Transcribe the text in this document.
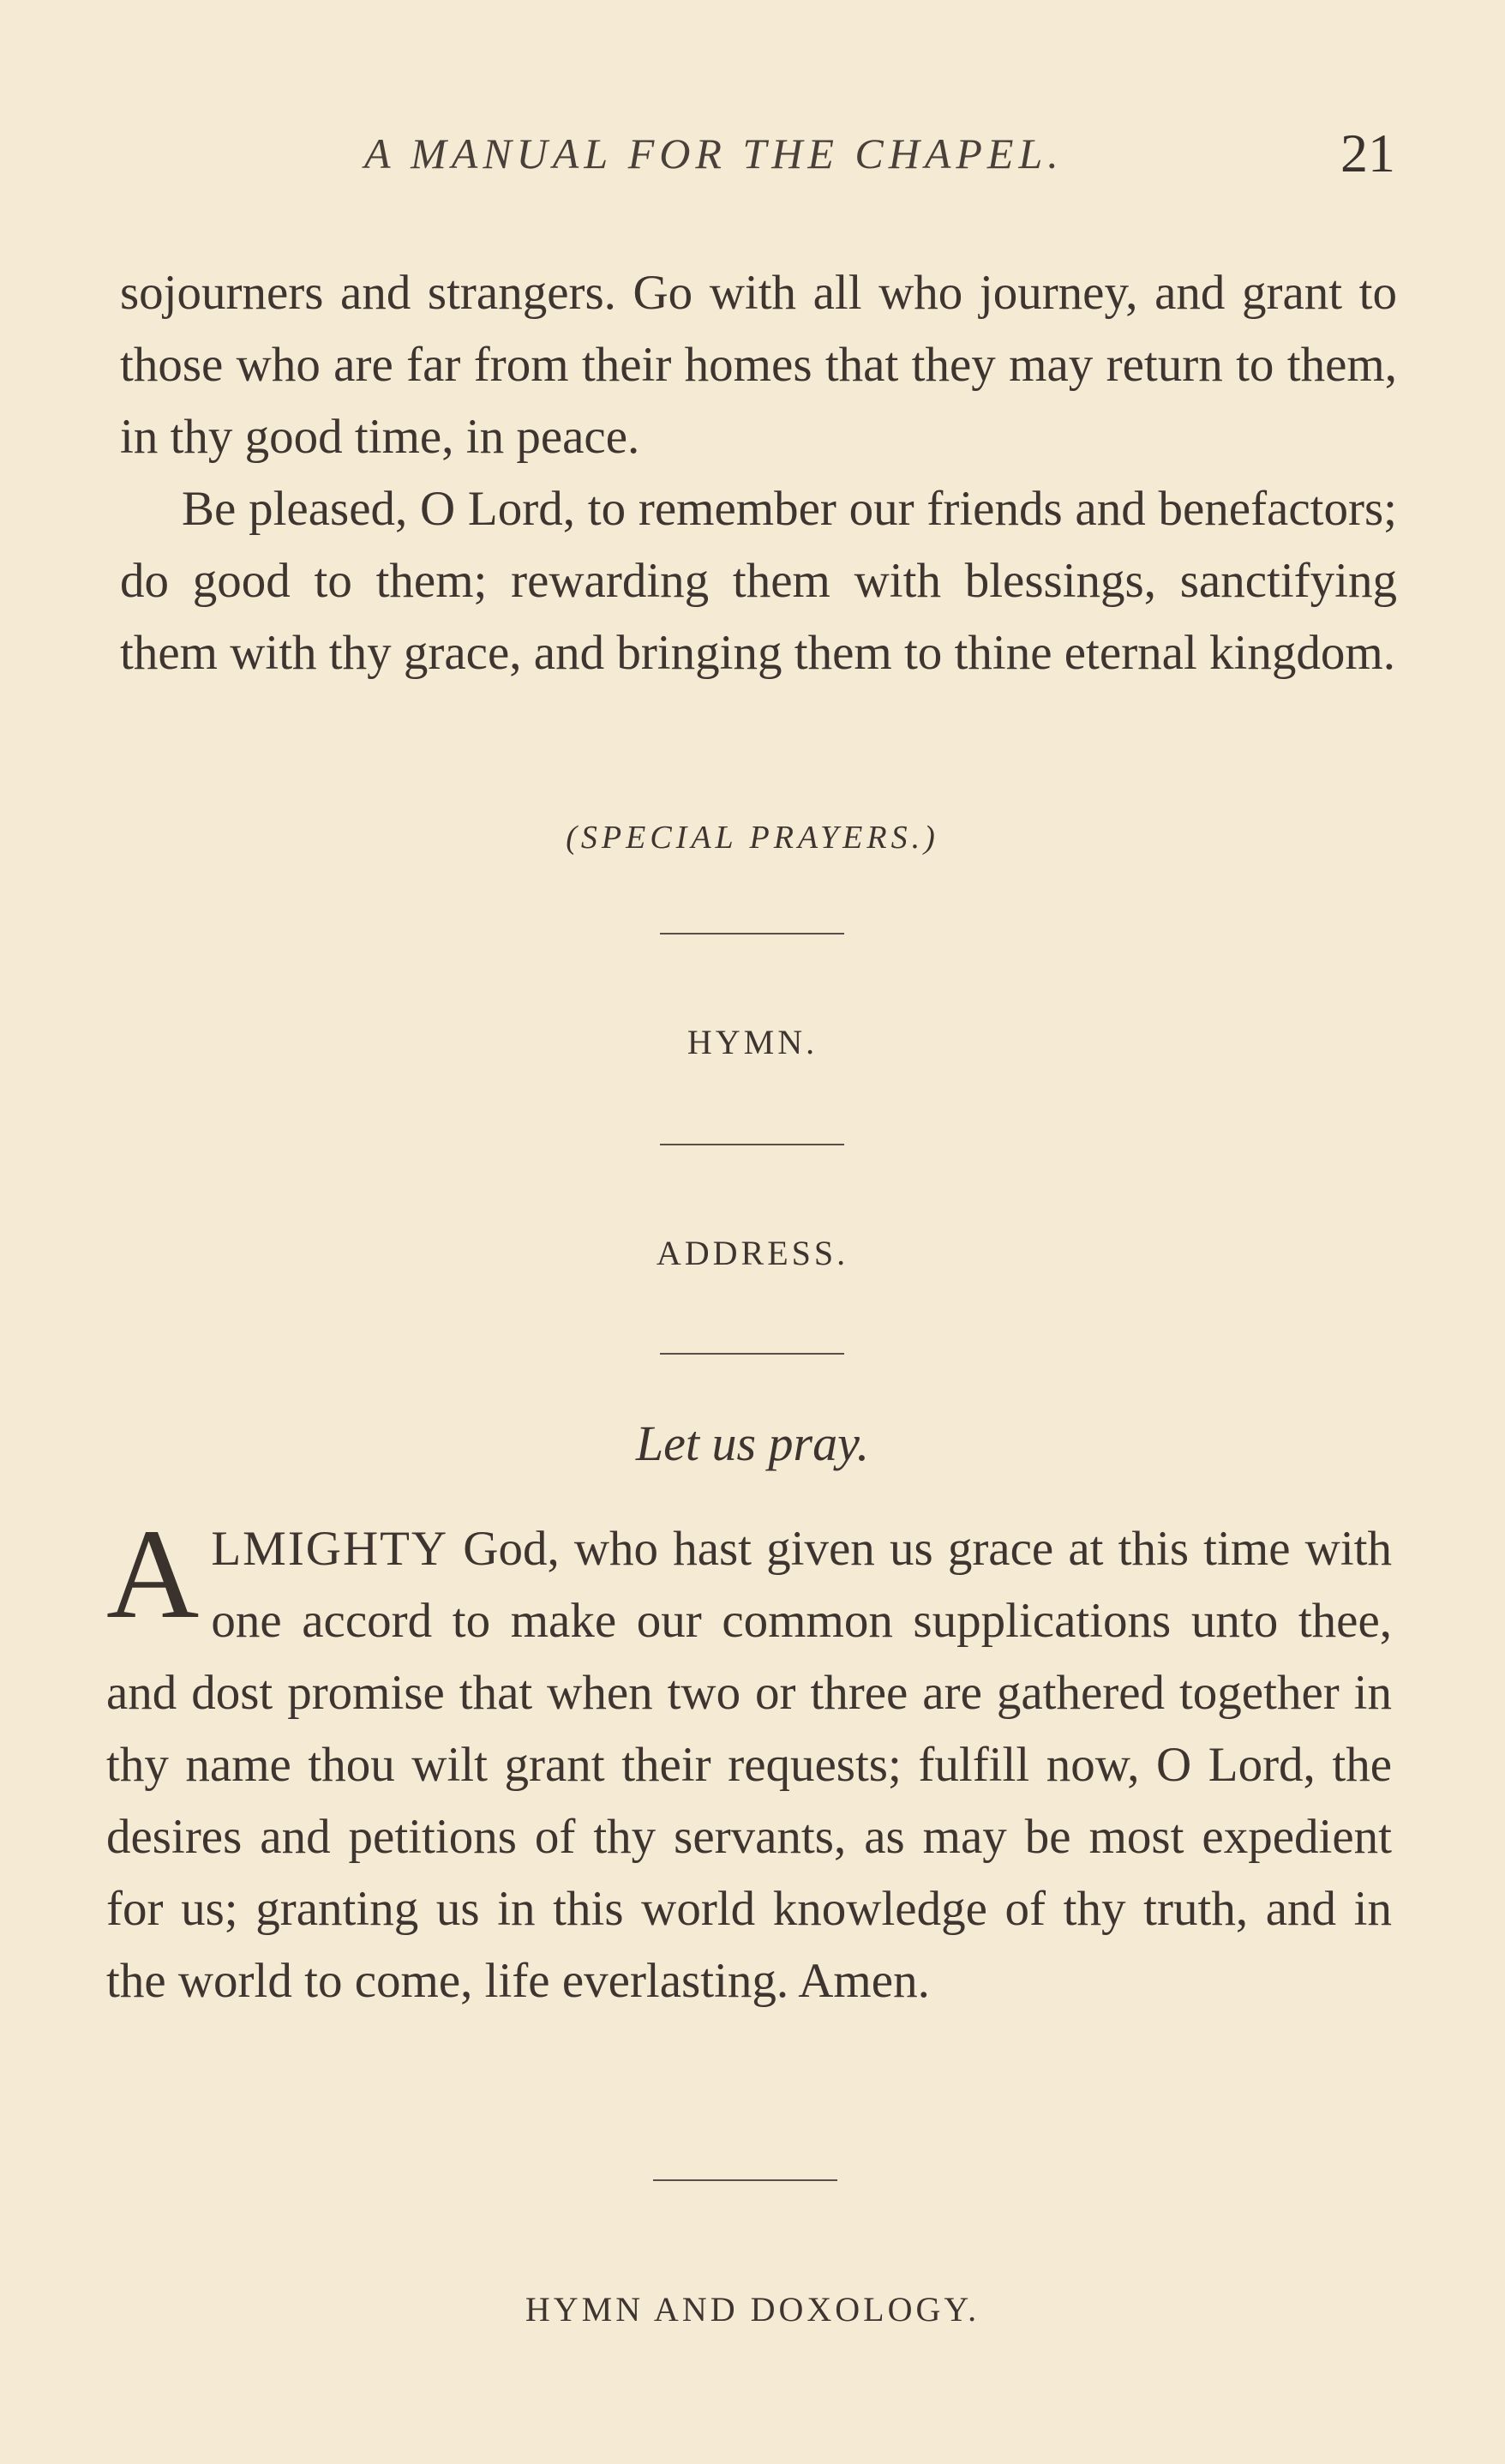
A MANUAL FOR THE CHAPEL.	21

sojourners and strangers. Go with all who journey, and grant to those who are far from their homes that they may return to them, in thy good time, in peace.

Be pleased, O Lord, to remember our friends and benefactors; do good to them; rewarding them with blessings, sanctifying them with thy grace, and bringing them to thine eternal kingdom.

(SPECIAL PRAYERS.)
HYMN.
ADDRESS.
Let us pray.

A LMIGHTY God, who hast given us grace at this time with one accord to make our common supplications unto thee, and dost promise that when two or three are gathered together in thy name thou wilt grant their requests; fulfill now, O Lord, the desires and petitions of thy servants, as may be most expedient for us; granting us in this world knowledge of thy truth, and in the world to come, life everlasting. Amen.

HYMN AND DOXOLOGY.
